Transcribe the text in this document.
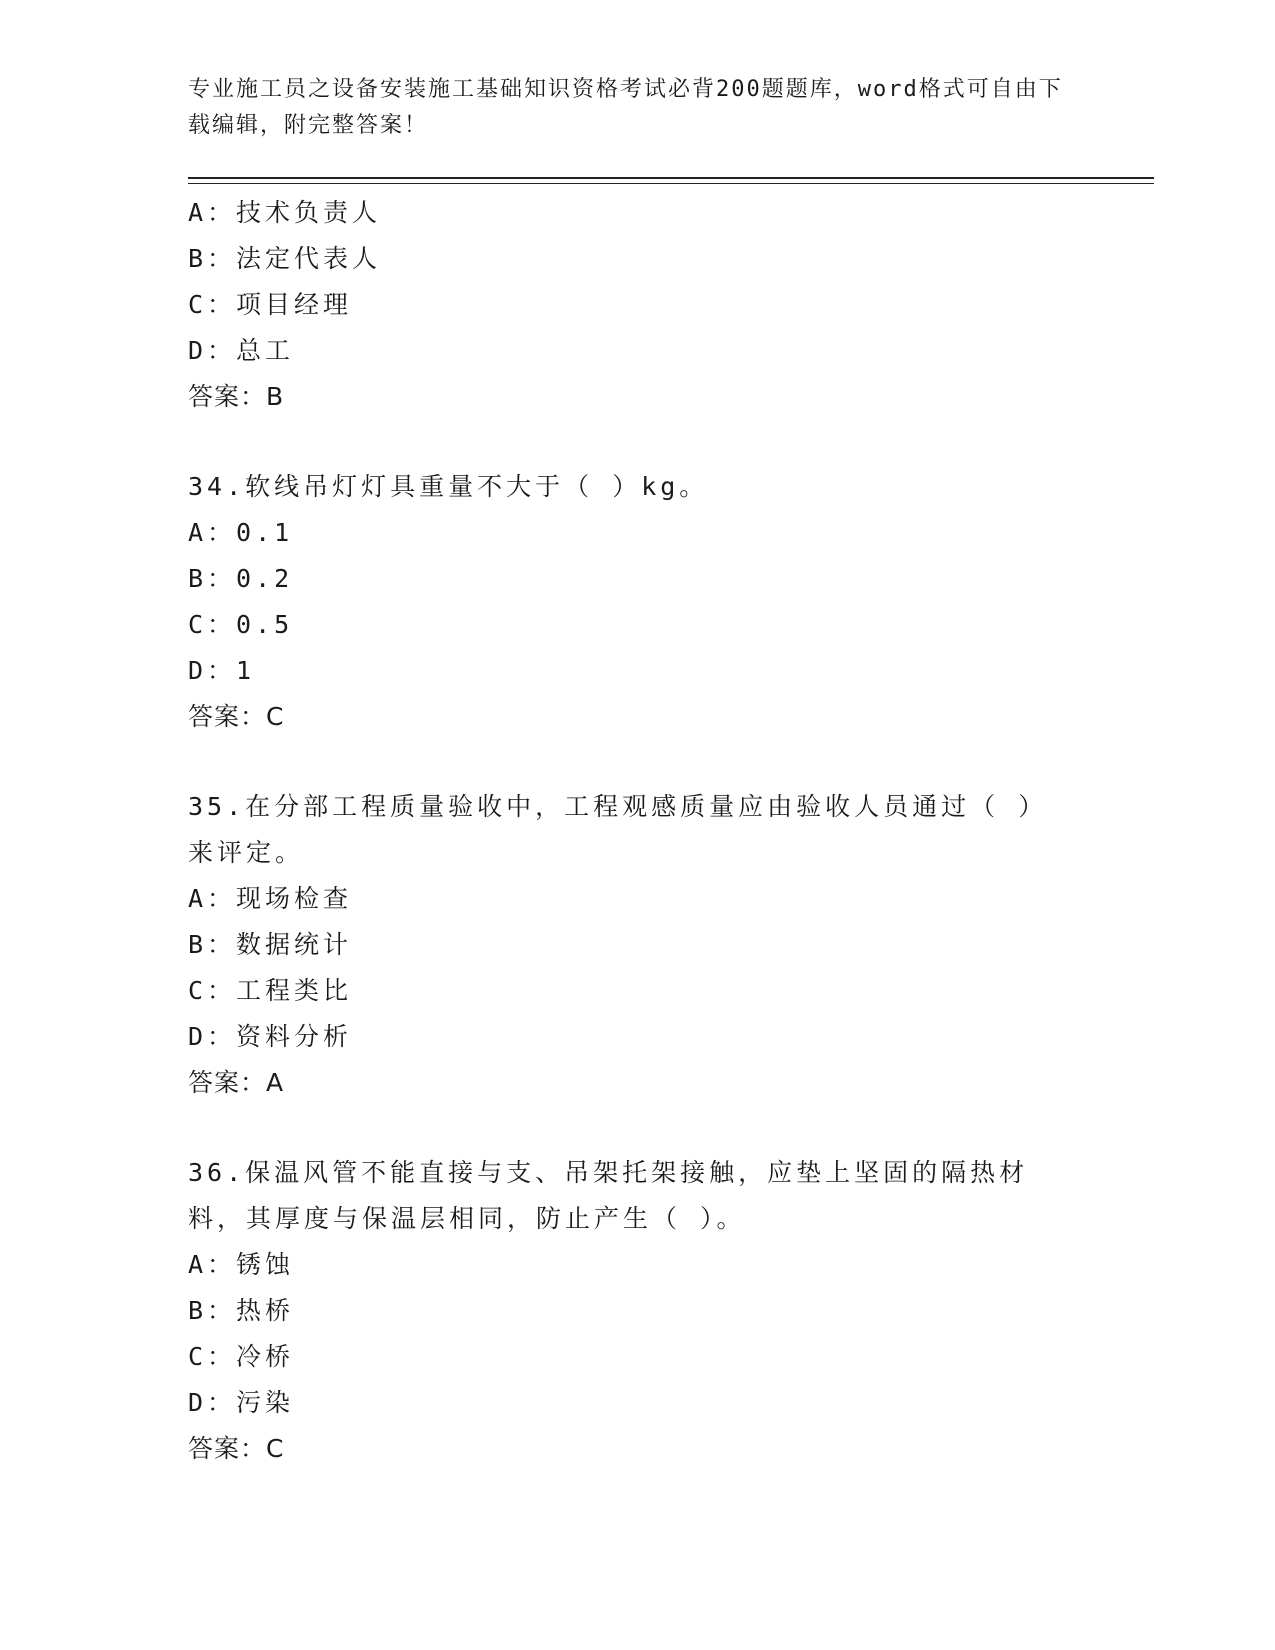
专业施工员之设备安装施工基础知识资格考试必背200题题库，word格式可自由下载编辑，附完整答案！
A：技术负责人
B：法定代表人
C：项目经理
D：总工
答案：B
34.软线吊灯灯具重量不大于（ ）kg。
A：0.1
B：0.2
C：0.5
D：1
答案：C
35.在分部工程质量验收中，工程观感质量应由验收人员通过（ ）来评定。
A：现场检查
B：数据统计
C：工程类比
D：资料分析
答案：A
36.保温风管不能直接与支、吊架托架接触，应垫上坚固的隔热材料，其厚度与保温层相同，防止产生（ ）。
A：锈蚀
B：热桥
C：冷桥
D：污染
答案：C
